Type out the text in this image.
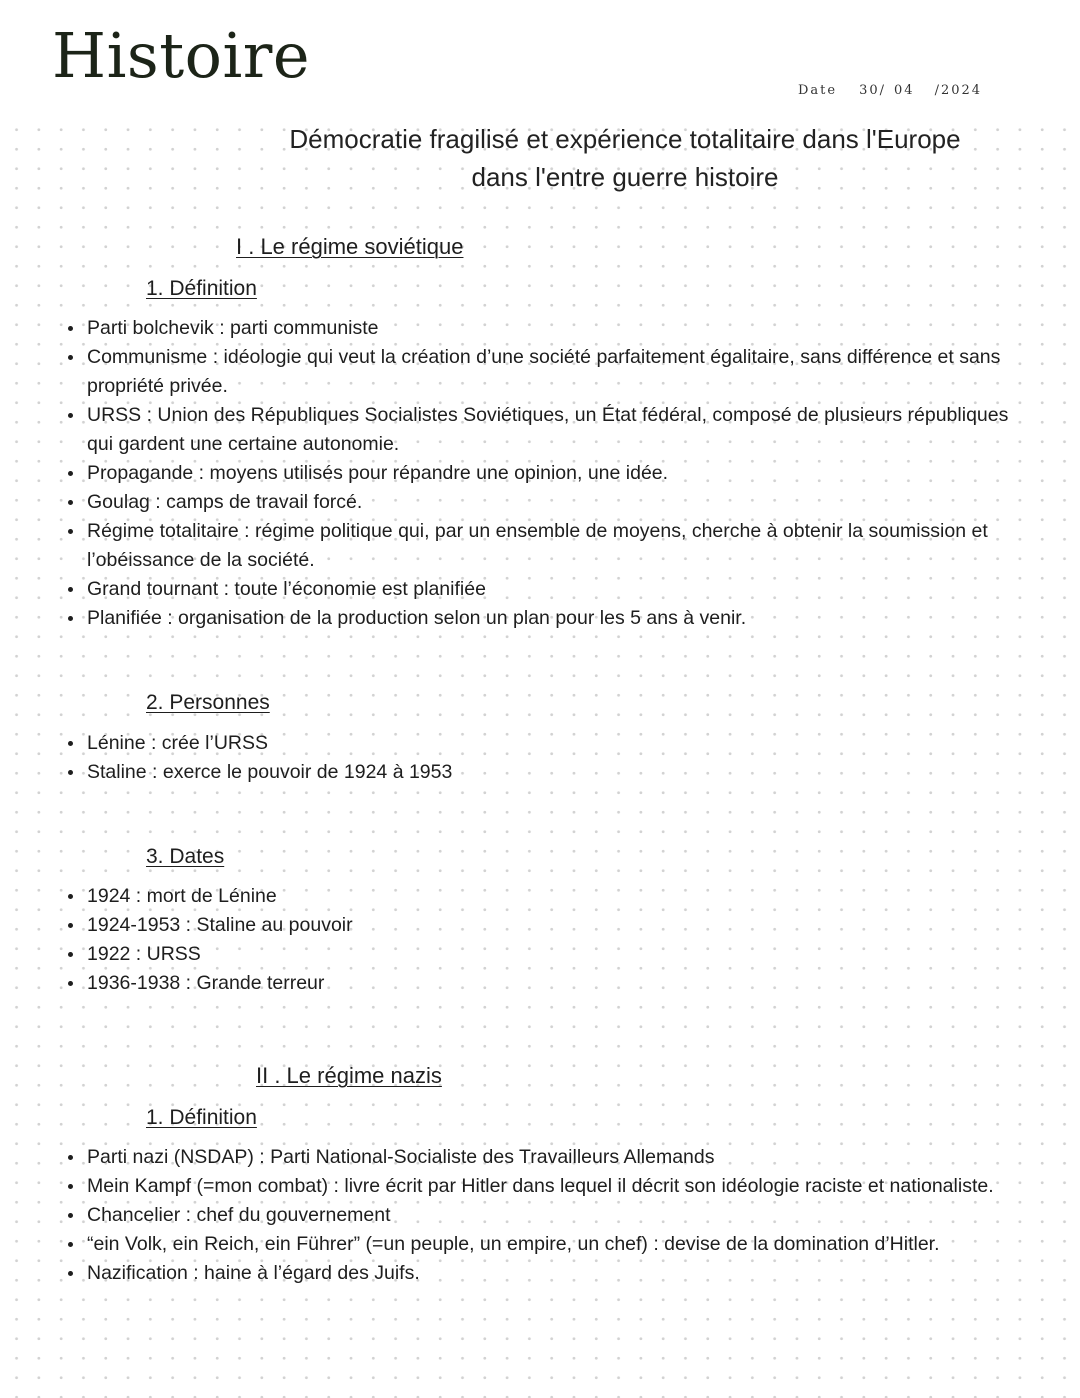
Histoire	Date 30/ 04 /2024
Démocratie fragilisé et expérience totalitaire dans l'Europe
dans l'entre guerre histoire
I . Le régime soviétique
1. Définition
Parti bolchevik : parti communiste
Communisme : idéologie qui veut la création d’une société parfaitement égalitaire, sans différence et sans propriété privée.
URSS : Union des Républiques Socialistes Soviétiques, un État fédéral, composé de plusieurs républiques qui gardent une certaine autonomie.
Propagande : moyens utilisés pour répandre une opinion, une idée.
Goulag : camps de travail forcé.
Régime totalitaire : régime politique qui, par un ensemble de moyens, cherche à obtenir la soumission et l’obéissance de la société.
Grand tournant : toute l’économie est planifiée
Planifiée : organisation de la production selon un plan pour les 5 ans à venir.
2. Personnes
Lénine : crée l’URSS
Staline : exerce le pouvoir de 1924 à 1953
3. Dates
1924 : mort de Lénine
1924-1953 : Staline au pouvoir
1922 : URSS
1936-1938 : Grande terreur
II . Le régime nazis
1. Définition
Parti nazi (NSDAP) : Parti National-Socialiste des Travailleurs Allemands
Mein Kampf (=mon combat) : livre écrit par Hitler dans lequel il décrit son idéologie raciste et nationaliste.
Chancelier : chef du gouvernement
“ein Volk, ein Reich, ein Führer” (=un peuple, un empire, un chef) : devise de la domination d’Hitler.
Nazification : haine à l’égard des Juifs.
